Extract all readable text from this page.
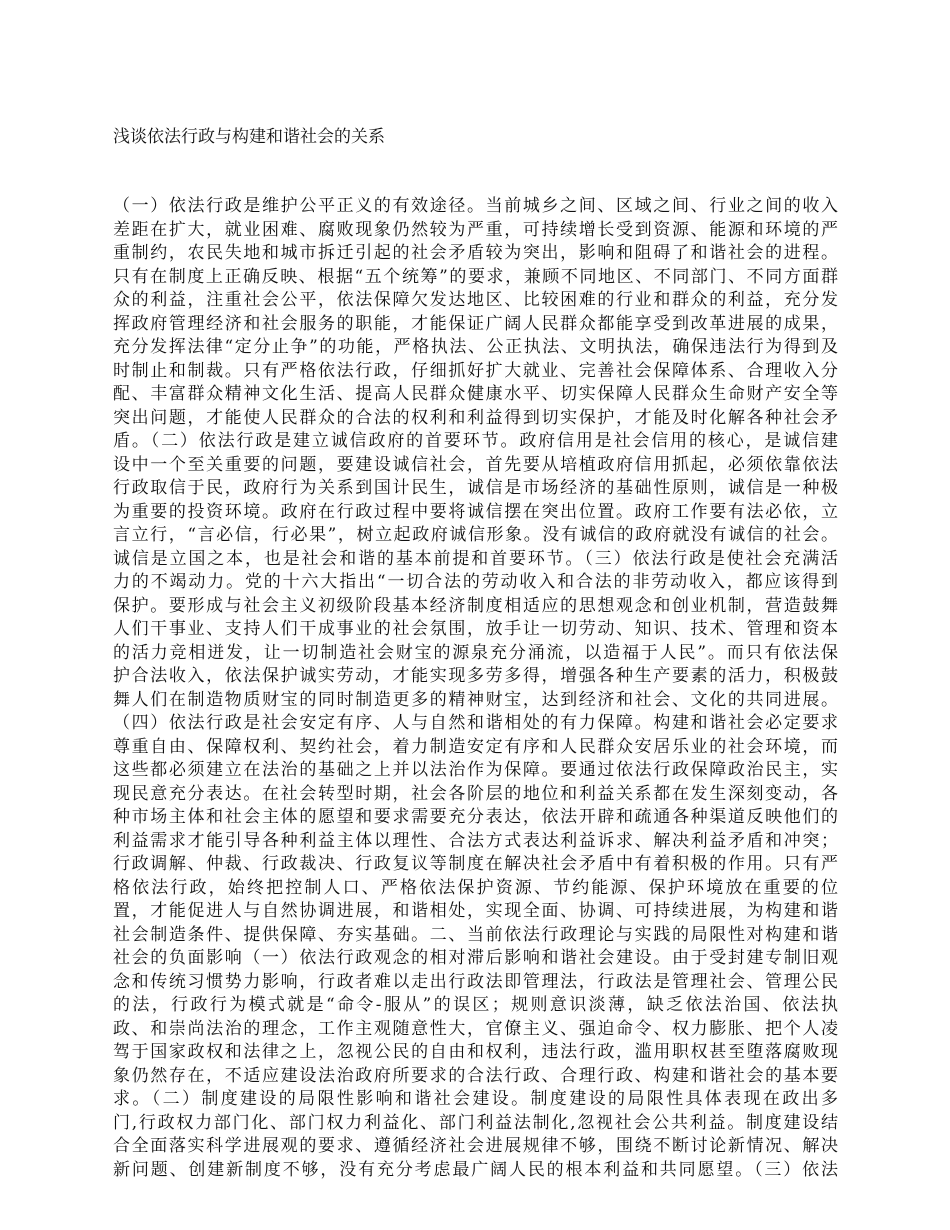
浅谈依法行政与构建和谐社会的关系
（一）依法行政是维护公平正义的有效途径。当前城乡之间、区域之间、行业之间的收入
差距在扩大，就业困难、腐败现象仍然较为严重，可持续增长受到资源、能源和环境的严
重制约，农民失地和城市拆迁引起的社会矛盾较为突出，影响和阻碍了和谐社会的进程。
只有在制度上正确反映、根据“五个统筹”的要求，兼顾不同地区、不同部门、不同方面群
众的利益，注重社会公平，依法保障欠发达地区、比较困难的行业和群众的利益，充分发
挥政府管理经济和社会服务的职能，才能保证广阔人民群众都能享受到改革进展的成果，
充分发挥法律“定分止争”的功能，严格执法、公正执法、文明执法，确保违法行为得到及
时制止和制裁。只有严格依法行政，仔细抓好扩大就业、完善社会保障体系、合理收入分
配、丰富群众精神文化生活、提高人民群众健康水平、切实保障人民群众生命财产安全等
突出问题，才能使人民群众的合法的权利和利益得到切实保护，才能及时化解各种社会矛
盾。（二）依法行政是建立诚信政府的首要环节。政府信用是社会信用的核心，是诚信建
设中一个至关重要的问题，要建设诚信社会，首先要从培植政府信用抓起，必须依靠依法
行政取信于民，政府行为关系到国计民生，诚信是市场经济的基础性原则，诚信是一种极
为重要的投资环境。政府在行政过程中要将诚信摆在突出位置。政府工作要有法必依，立
言立行，“言必信，行必果”，树立起政府诚信形象。没有诚信的政府就没有诚信的社会。
诚信是立国之本，也是社会和谐的基本前提和首要环节。（三）依法行政是使社会充满活
力的不竭动力。党的十六大指出“一切合法的劳动收入和合法的非劳动收入，都应该得到
保护。要形成与社会主义初级阶段基本经济制度相适应的思想观念和创业机制，营造鼓舞
人们干事业、支持人们干成事业的社会氛围，放手让一切劳动、知识、技术、管理和资本
的活力竞相迸发，让一切制造社会财宝的源泉充分涌流，以造福于人民”。而只有依法保
护合法收入，依法保护诚实劳动，才能实现多劳多得，增强各种生产要素的活力，积极鼓
舞人们在制造物质财宝的同时制造更多的精神财宝，达到经济和社会、文化的共同进展。
（四）依法行政是社会安定有序、人与自然和谐相处的有力保障。构建和谐社会必定要求
尊重自由、保障权利、契约社会，着力制造安定有序和人民群众安居乐业的社会环境，而
这些都必须建立在法治的基础之上并以法治作为保障。要通过依法行政保障政治民主，实
现民意充分表达。在社会转型时期，社会各阶层的地位和利益关系都在发生深刻变动，各
种市场主体和社会主体的愿望和要求需要充分表达，依法开辟和疏通各种渠道反映他们的
利益需求才能引导各种利益主体以理性、合法方式表达利益诉求、解决利益矛盾和冲突；
行政调解、仲裁、行政裁决、行政复议等制度在解决社会矛盾中有着积极的作用。只有严
格依法行政，始终把控制人口、严格依法保护资源、节约能源、保护环境放在重要的位
置，才能促进人与自然协调进展，和谐相处，实现全面、协调、可持续进展，为构建和谐
社会制造条件、提供保障、夯实基础。二、当前依法行政理论与实践的局限性对构建和谐
社会的负面影响（一）依法行政观念的相对滞后影响和谐社会建设。由于受封建专制旧观
念和传统习惯势力影响，行政者难以走出行政法即管理法，行政法是管理社会、管理公民
的法，行政行为模式就是“命令-服从”的误区；规则意识淡薄，缺乏依法治国、依法执
政、和崇尚法治的理念，工作主观随意性大，官僚主义、强迫命令、权力膨胀、把个人凌
驾于国家政权和法律之上，忽视公民的自由和权利，违法行政，滥用职权甚至堕落腐败现
象仍然存在，不适应建设法治政府所要求的合法行政、合理行政、构建和谐社会的基本要
求。（二）制度建设的局限性影响和谐社会建设。制度建设的局限性具体表现在政出多
门,行政权力部门化、部门权力利益化、部门利益法制化,忽视社会公共利益。制度建设结
合全面落实科学进展观的要求、遵循经济社会进展规律不够，围绕不断讨论新情况、解决
新问题、创建新制度不够，没有充分考虑最广阔人民的根本利益和共同愿望。（三）依法
